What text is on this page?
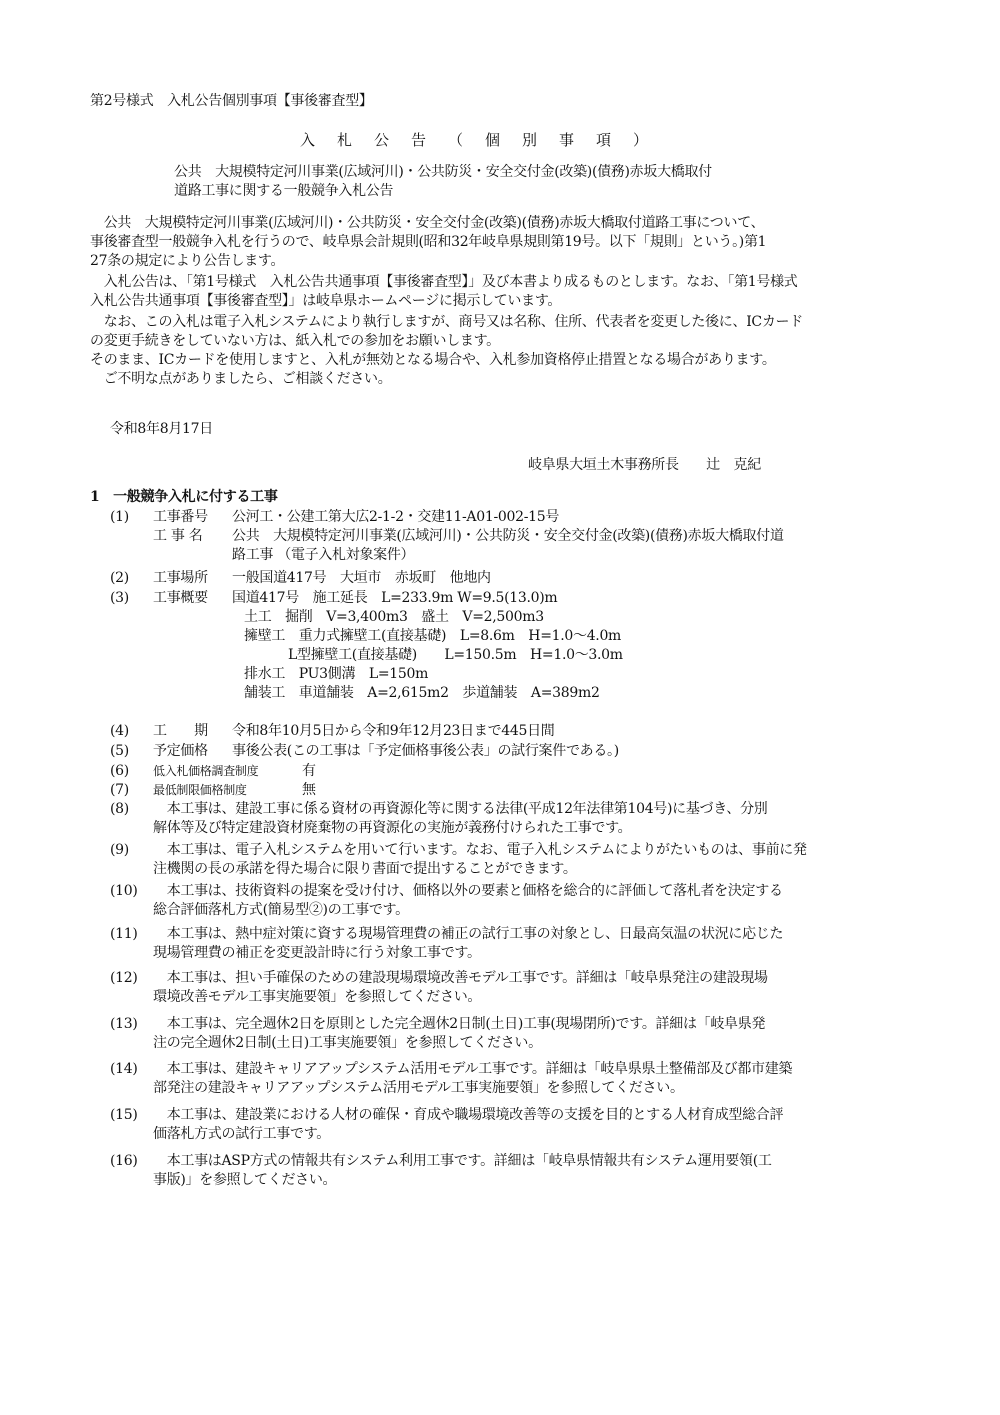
第2号様式　入札公告個別事項【事後審査型】
入札公告（個別事項）
公共　大規模特定河川事業(広域河川)・公共防災・安全交付金(改築)(債務)赤坂大橋取付
道路工事に関する一般競争入札公告
　公共　大規模特定河川事業(広域河川)・公共防災・安全交付金(改築)(債務)赤坂大橋取付道路工事について、
事後審査型一般競争入札を行うので、岐阜県会計規則(昭和32年岐阜県規則第19号。以下「規則」という。)第1
27条の規定により公告します。
　入札公告は、「第1号様式　入札公告共通事項【事後審査型】」及び本書より成るものとします。なお、「第1号様式
入札公告共通事項【事後審査型】」は岐阜県ホームページに掲示しています。
　なお、この入札は電子入札システムにより執行しますが、商号又は名称、住所、代表者を変更した後に、ICカード
の変更手続きをしていない方は、紙入札での参加をお願いします。
そのまま、ICカードを使用しますと、入札が無効となる場合や、入札参加資格停止措置となる場合があります。
　ご不明な点がありましたら、ご相談ください。
令和8年8月17日
岐阜県大垣土木事務所長　　辻　克紀
1　一般競争入札に付する工事
(1) 工事番号 公河工・公建工第大広2-1-2・交建11-A01-002-15号
工 事 名 公共　大規模特定河川事業(広域河川)・公共防災・安全交付金(改築)(債務)赤坂大橋取付道
路工事 （電子入札対象案件）
(2) 工事場所 一般国道417号　大垣市　赤坂町　他地内
(3) 工事概要 国道417号　施工延長　L=233.9m W=9.5(13.0)m
土工　掘削　V=3,400m3　盛土　V=2,500m3
擁壁工　重力式擁壁工(直接基礎)　L=8.6m　H=1.0～4.0m
L型擁壁工(直接基礎)　　L=150.5m　H=1.0～3.0m
排水工　PU3側溝　L=150m
舗装工　車道舗装　A=2,615m2　歩道舗装　A=389m2
(4) 工　　期 令和8年10月5日から令和9年12月23日まで445日間
(5) 予定価格 事後公表(この工事は「予定価格事後公表」の試行案件である。)
(6) 低入札価格調査制度	有
(7) 最低制限価格制度	無
(8) 　本工事は、建設工事に係る資材の再資源化等に関する法律(平成12年法律第104号)に基づき、分別
解体等及び特定建設資材廃棄物の再資源化の実施が義務付けられた工事です。
(9) 　本工事は、電子入札システムを用いて行います。なお、電子入札システムによりがたいものは、事前に発
注機関の長の承諾を得た場合に限り書面で提出することができます。
(10) 　本工事は、技術資料の提案を受け付け、価格以外の要素と価格を総合的に評価して落札者を決定する
総合評価落札方式(簡易型②)の工事です。
(11) 　本工事は、熱中症対策に資する現場管理費の補正の試行工事の対象とし、日最高気温の状況に応じた
現場管理費の補正を変更設計時に行う対象工事です。
(12) 　本工事は、担い手確保のための建設現場環境改善モデル工事です。詳細は「岐阜県発注の建設現場
環境改善モデル工事実施要領」を参照してください。
(13) 　本工事は、完全週休2日を原則とした完全週休2日制(土日)工事(現場閉所)です。詳細は「岐阜県発
注の完全週休2日制(土日)工事実施要領」を参照してください。
(14) 　本工事は、建設キャリアアップシステム活用モデル工事です。詳細は「岐阜県県土整備部及び都市建築
部発注の建設キャリアアップシステム活用モデル工事実施要領」を参照してください。
(15) 　本工事は、建設業における人材の確保・育成や職場環境改善等の支援を目的とする人材育成型総合評
価落札方式の試行工事です。
(16) 　本工事はASP方式の情報共有システム利用工事です。詳細は「岐阜県情報共有システム運用要領(工
事版)」を参照してください。
